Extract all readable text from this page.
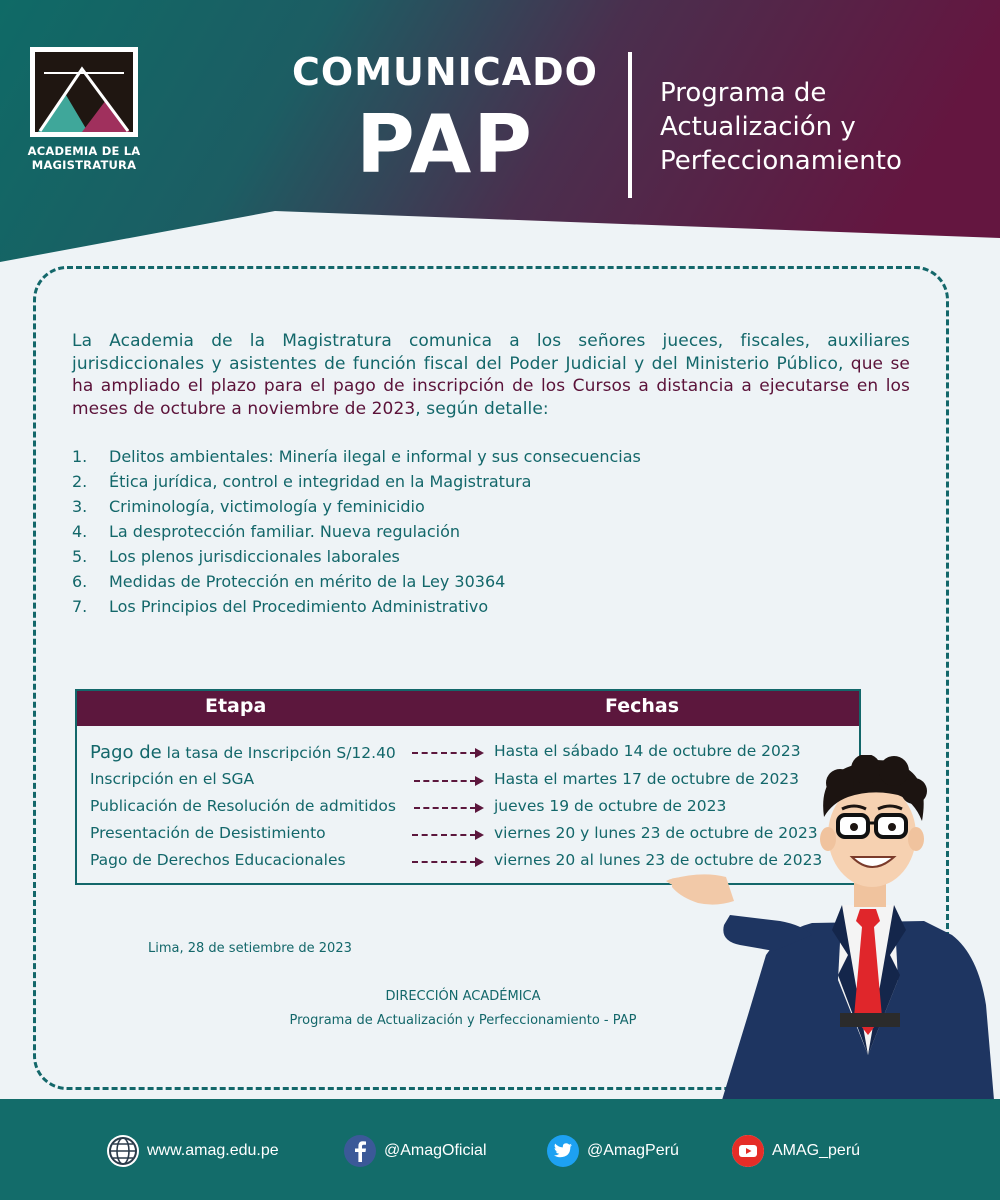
ACADEMIA DE LA MAGISTRATURA
COMUNICADO
PAP
Programa de
Actualización y
Perfeccionamiento

La Academia de la Magistratura comunica a los señores jueces, fiscales, auxiliares jurisdiccionales y asistentes de función fiscal del Poder Judicial y del Ministerio Público, que se ha ampliado el plazo para el pago de inscripción de los Cursos a distancia a ejecutarse en los meses de octubre a noviembre de 2023, según detalle:

1.	Delitos ambientales: Minería ilegal e informal y sus consecuencias
2.	Ética jurídica, control e integridad en la Magistratura
3.	Criminología, victimología y feminicidio
4.	La desprotección familiar. Nueva regulación
5.	Los plenos jurisdiccionales laborales
6.	Medidas de Protección en mérito de la Ley 30364
7.	Los Principios del Procedimiento Administrativo
Etapa	Fechas
Pago de la tasa de Inscripción S/12.40	Hasta el sábado 14 de octubre de 2023
Inscripción en el SGA	Hasta el martes 17 de octubre de 2023
Publicación de Resolución de admitidos	jueves 19 de octubre de 2023
Presentación de Desistimiento	viernes 20 y lunes 23 de octubre de 2023
Pago de Derechos Educacionales	viernes 20 al lunes 23 de octubre de 2023
Lima, 28 de setiembre de 2023
DIRECCIÓN ACADÉMICA
Programa de Actualización y Perfeccionamiento - PAP
www.amag.edu.pe	@AmagOficial	@AmagPerú	AMAG_perú
